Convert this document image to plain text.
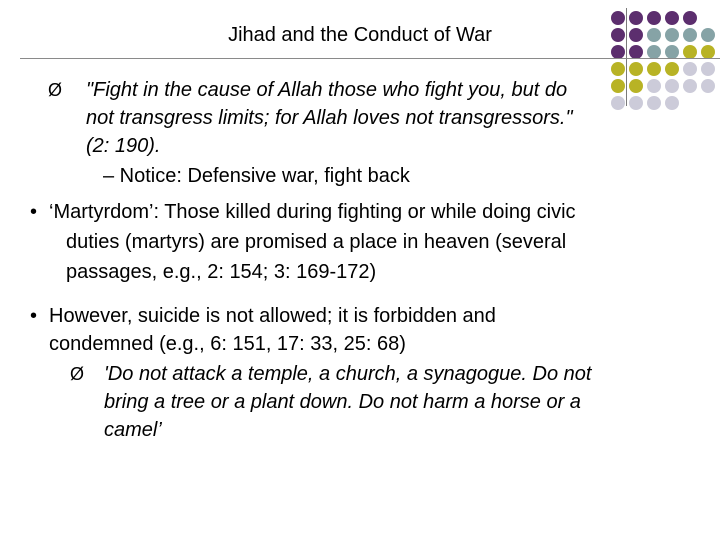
Jihad and the Conduct of War
Ø "Fight in the cause of Allah those who fight you, but do
not transgress limits; for Allah loves not transgressors."
(2: 190).
– Notice: Defensive war, fight back
• ‘Martyrdom’: Those killed during fighting or while doing civic
duties (martyrs) are promised a place in heaven (several
passages, e.g., 2: 154; 3: 169-172)
• However, suicide is not allowed; it is forbidden and
condemned (e.g., 6: 151, 17: 33, 25: 68)
Ø 'Do not attack a temple, a church, a synagogue. Do not
bring a tree or a plant down. Do not harm a horse or a
camel’
